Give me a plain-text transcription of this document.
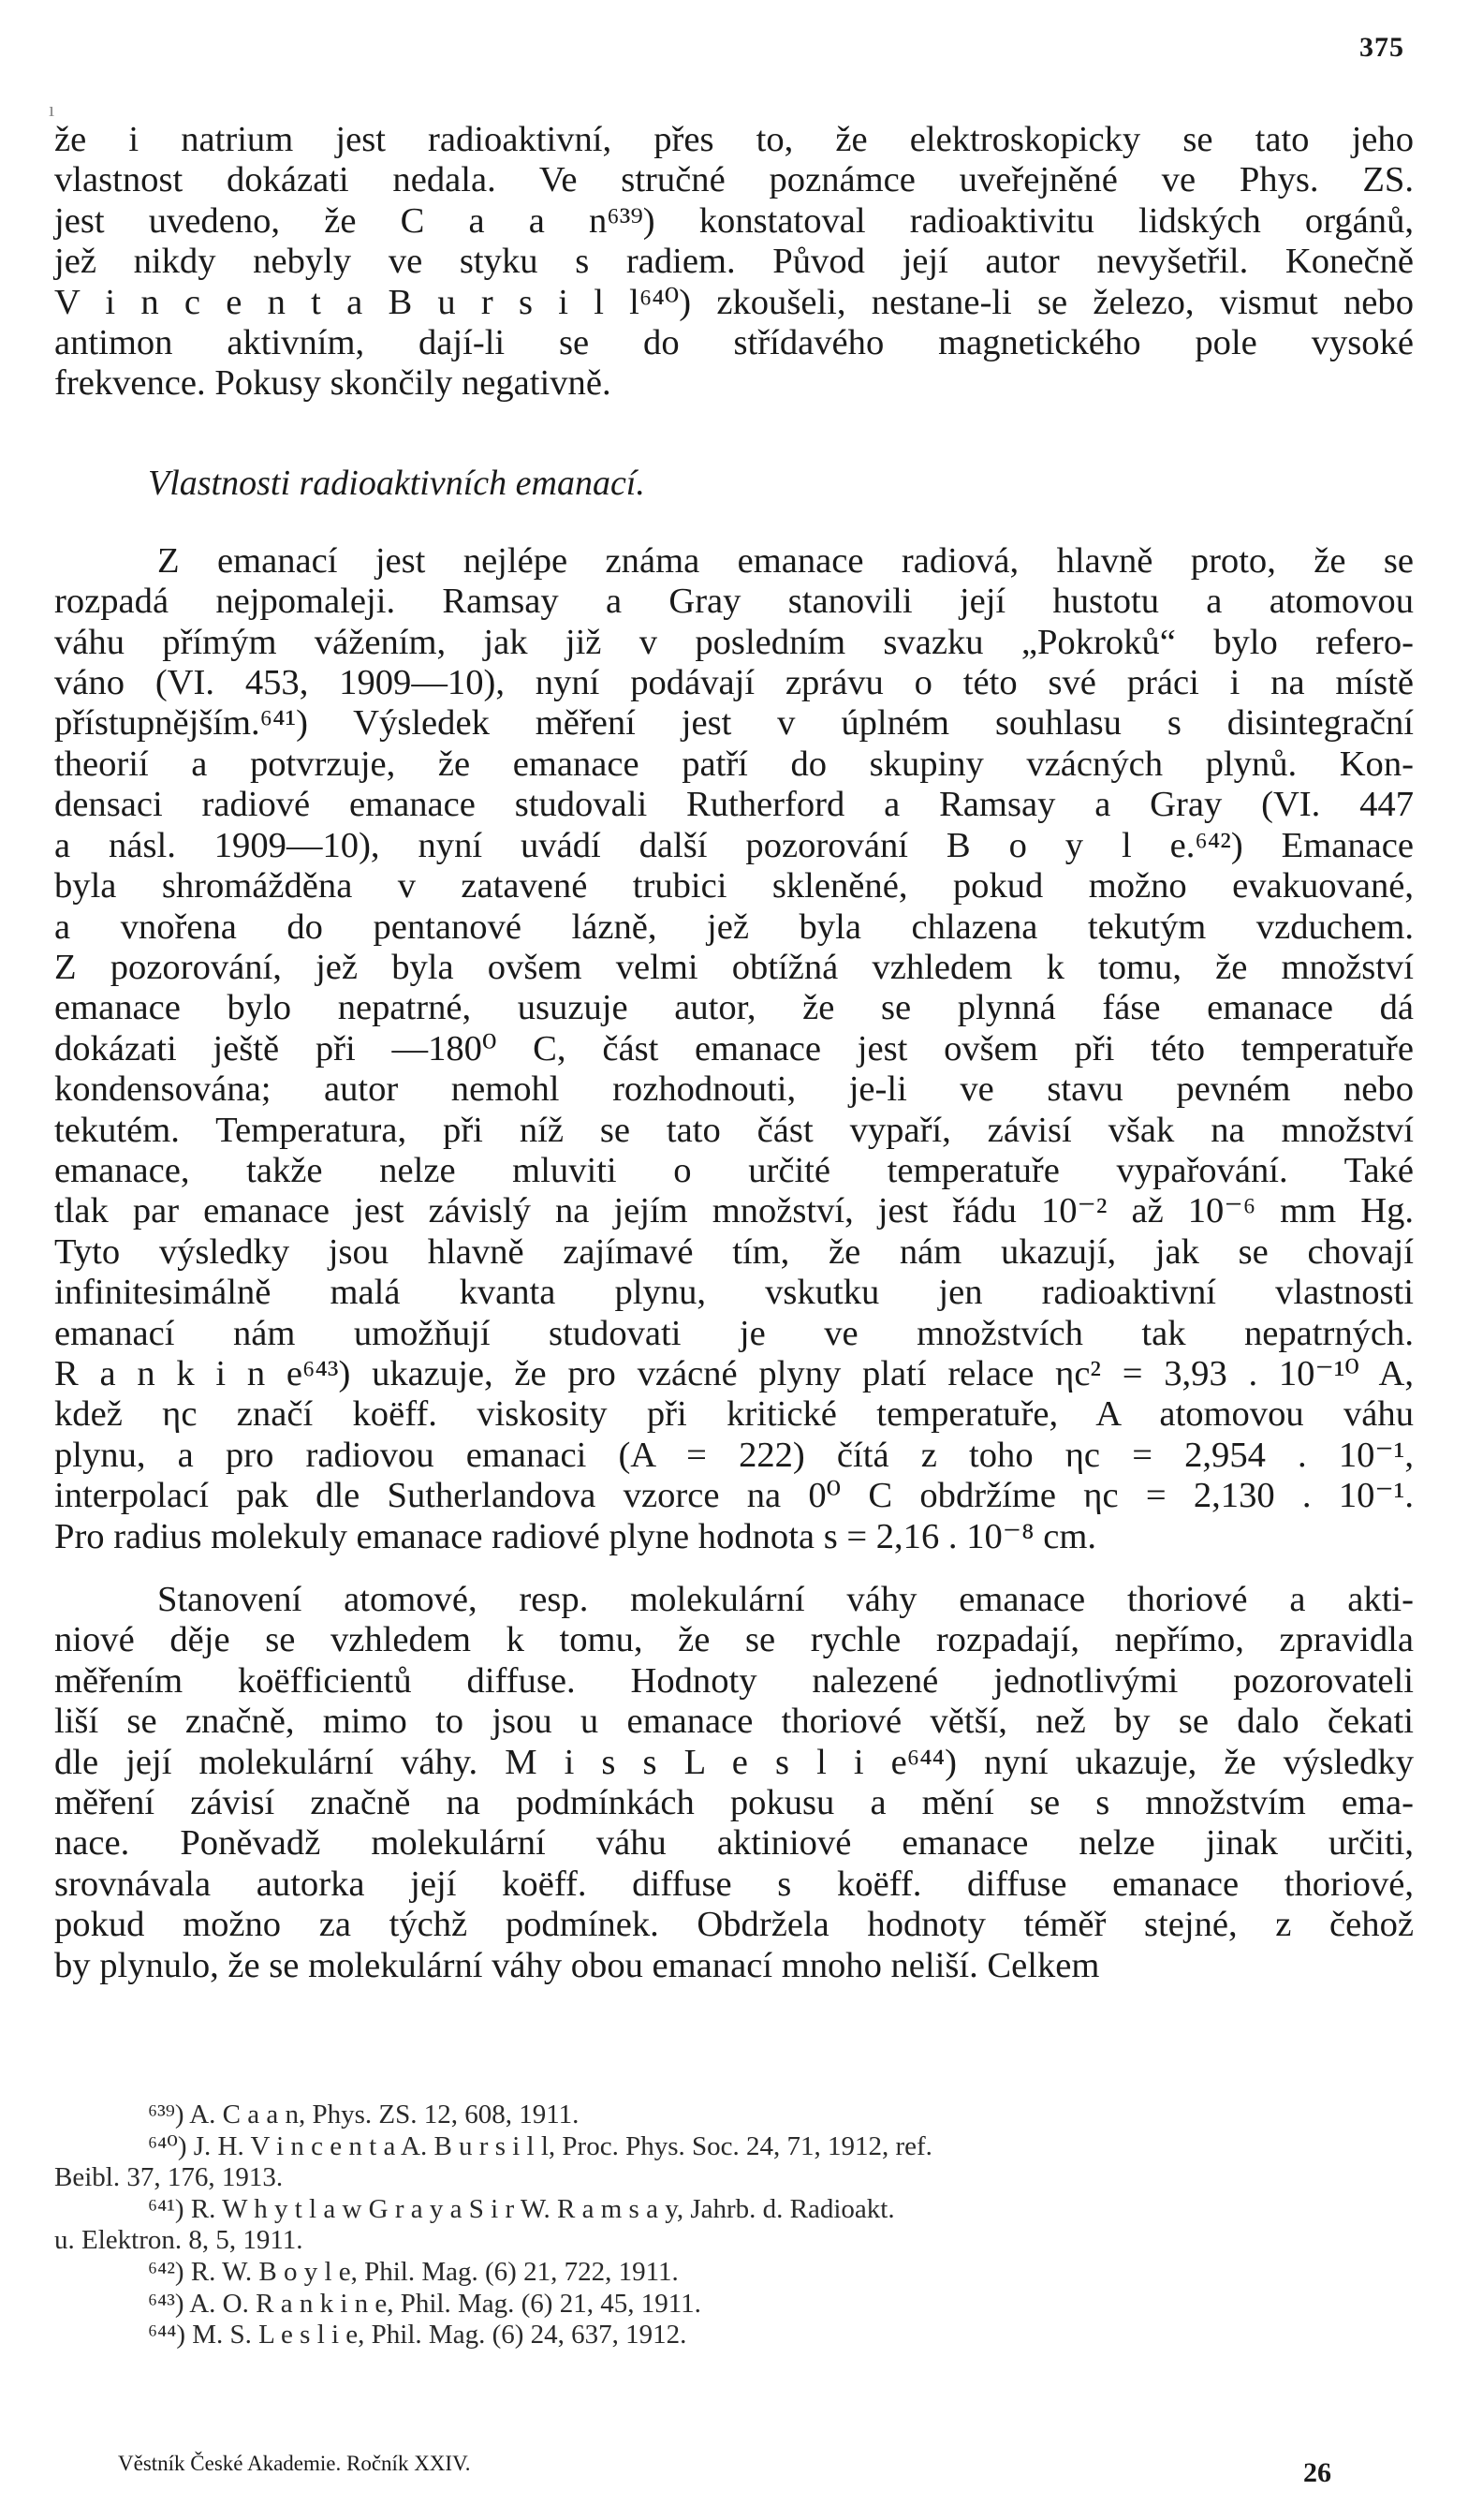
375
ı
že i natrium jest radioaktivní, přes to, že elektroskopicky se tato jeho
vlastnost dokázati nedala. Ve stručné poznámce uveřejněné ve Phys. ZS.
jest uvedeno, že C a a n⁶³⁹) konstatoval radioaktivitu lidských orgánů,
jež nikdy nebyly ve styku s radiem. Původ její autor nevyšetřil. Konečně
V i n c e n t a B u r s i l l⁶⁴⁰) zkoušeli, nestane-li se železo, vismut nebo
antimon aktivním, dají-li se do střídavého magnetického pole vysoké
frekvence. Pokusy skončily negativně.
Vlastnosti radioaktivních emanací.
Z emanací jest nejlépe známa emanace radiová, hlavně proto, že se
rozpadá nejpomaleji. Ramsay a Gray stanovili její hustotu a atomovou
váhu přímým vážením, jak již v posledním svazku „Pokroků“ bylo refero-
váno (VI. 453, 1909—10), nyní podávají zprávu o této své práci i na místě
přístupnějším.⁶⁴¹) Výsledek měření jest v úplném souhlasu s disintegrační
theorií a potvrzuje, že emanace patří do skupiny vzácných plynů. Kon-
densaci radiové emanace studovali Rutherford a Ramsay a Gray (VI. 447
a násl. 1909—10), nyní uvádí další pozorování B o y l e.⁶⁴²) Emanace
byla shromážděna v zatavené trubici skleněné, pokud možno evakuované,
a vnořena do pentanové lázně, jež byla chlazena tekutým vzduchem.
Z pozorování, jež byla ovšem velmi obtížná vzhledem k tomu, že množství
emanace bylo nepatrné, usuzuje autor, že se plynná fáse emanace dá
dokázati ještě při —180⁰ C, část emanace jest ovšem při této temperatuře
kondensována; autor nemohl rozhodnouti, je-li ve stavu pevném nebo
tekutém. Temperatura, při níž se tato část vypaří, závisí však na množství
emanace, takže nelze mluviti o určité temperatuře vypařování. Také
tlak par emanace jest závislý na jejím množství, jest řádu 10⁻² až 10⁻⁶ mm Hg.
Tyto výsledky jsou hlavně zajímavé tím, že nám ukazují, jak se chovají
infinitesimálně malá kvanta plynu, vskutku jen radioaktivní vlastnosti
emanací nám umožňují studovati je ve množstvích tak nepatrných.
R a n k i n e⁶⁴³) ukazuje, že pro vzácné plyny platí relace ηc² = 3,93 . 10⁻¹⁰ A,
kdež ηc značí koëff. viskosity při kritické temperatuře, A atomovou váhu
plynu, a pro radiovou emanaci (A = 222) čítá z toho ηc = 2,954 . 10⁻¹,
interpolací pak dle Sutherlandova vzorce na 0⁰ C obdržíme ηc = 2,130 . 10⁻¹.
Pro radius molekuly emanace radiové plyne hodnota s = 2,16 . 10⁻⁸ cm.
Stanovení atomové, resp. molekulární váhy emanace thoriové a akti-
niové děje se vzhledem k tomu, že se rychle rozpadají, nepřímo, zpravidla
měřením koëfficientů diffuse. Hodnoty nalezené jednotlivými pozorovateli
liší se značně, mimo to jsou u emanace thoriové větší, než by se dalo čekati
dle její molekulární váhy. M i s s L e s l i e⁶⁴⁴) nyní ukazuje, že výsledky
měření závisí značně na podmínkách pokusu a mění se s množstvím ema-
nace. Poněvadž molekulární váhu aktiniové emanace nelze jinak určiti,
srovnávala autorka její koëff. diffuse s koëff. diffuse emanace thoriové,
pokud možno za týchž podmínek. Obdržela hodnoty téměř stejné, z čehož
by plynulo, že se molekulární váhy obou emanací mnoho neliší. Celkem
⁶³⁹) A. C a a n, Phys. ZS. 12, 608, 1911.
⁶⁴⁰) J. H. V i n c e n t a A. B u r s i l l, Proc. Phys. Soc. 24, 71, 1912, ref.
Beibl. 37, 176, 1913.
⁶⁴¹) R. W h y t l a w G r a y a S i r W. R a m s a y, Jahrb. d. Radioakt.
u. Elektron. 8, 5, 1911.
⁶⁴²) R. W. B o y l e, Phil. Mag. (6) 21, 722, 1911.
⁶⁴³) A. O. R a n k i n e, Phil. Mag. (6) 21, 45, 1911.
⁶⁴⁴) M. S. L e s l i e, Phil. Mag. (6) 24, 637, 1912.
Věstník České Akademie. Ročník XXIV.	26
